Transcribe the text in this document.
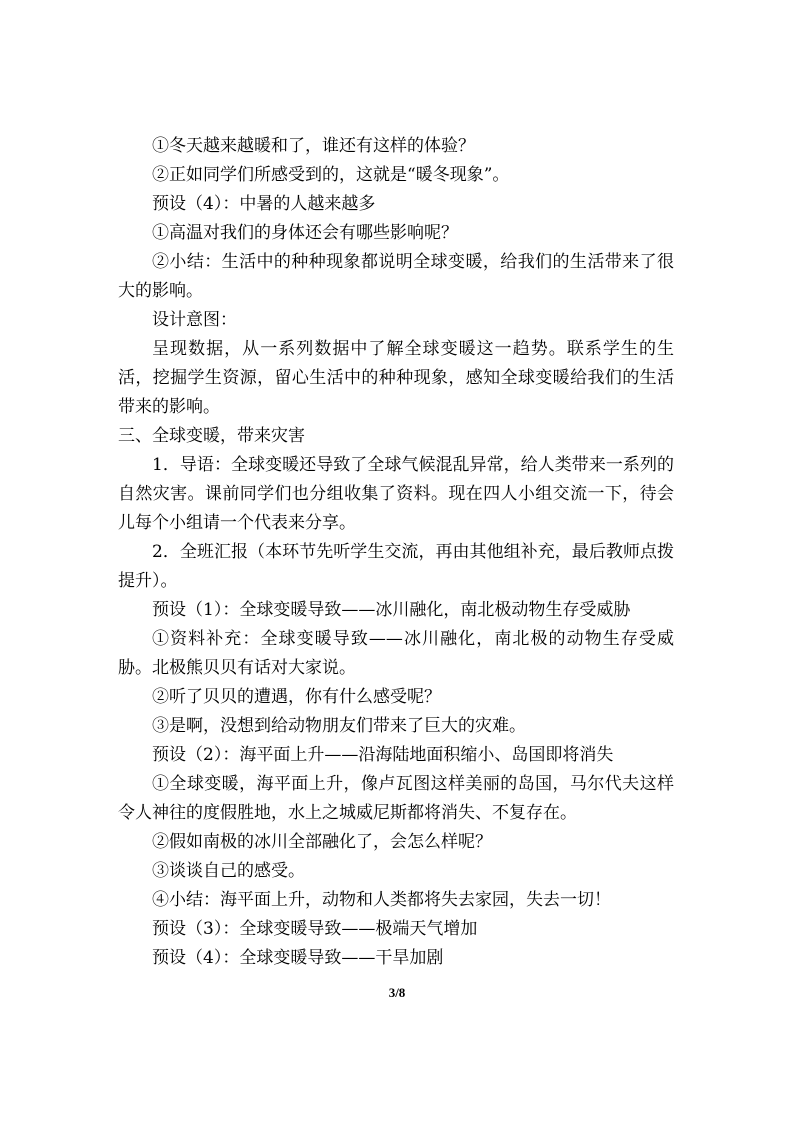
①冬天越来越暖和了，谁还有这样的体验？

②正如同学们所感受到的，这就是“暖冬现象”。

预设（4）：中暑的人越来越多

①高温对我们的身体还会有哪些影响呢？

②小结：生活中的种种现象都说明全球变暖，给我们的生活带来了很大的影响。

设计意图：

呈现数据，从一系列数据中了解全球变暖这一趋势。联系学生的生活，挖掘学生资源，留心生活中的种种现象，感知全球变暖给我们的生活带来的影响。

三、全球变暖，带来灾害

1．导语：全球变暖还导致了全球气候混乱异常，给人类带来一系列的自然灾害。课前同学们也分组收集了资料。现在四人小组交流一下，待会儿每个小组请一个代表来分享。

2．全班汇报（本环节先听学生交流，再由其他组补充，最后教师点拨提升）。

预设（1）：全球变暖导致——冰川融化，南北极动物生存受威胁

①资料补充：全球变暖导致——冰川融化，南北极的动物生存受威胁。北极熊贝贝有话对大家说。

②听了贝贝的遭遇，你有什么感受呢？

③是啊，没想到给动物朋友们带来了巨大的灾难。

预设（2）：海平面上升——沿海陆地面积缩小、岛国即将消失

①全球变暖，海平面上升，像卢瓦图这样美丽的岛国，马尔代夫这样令人神往的度假胜地，水上之城威尼斯都将消失、不复存在。

②假如南极的冰川全部融化了，会怎么样呢？

③谈谈自己的感受。

④小结：海平面上升，动物和人类都将失去家园，失去一切！

预设（3）：全球变暖导致——极端天气增加

预设（4）：全球变暖导致——干旱加剧

3/8
